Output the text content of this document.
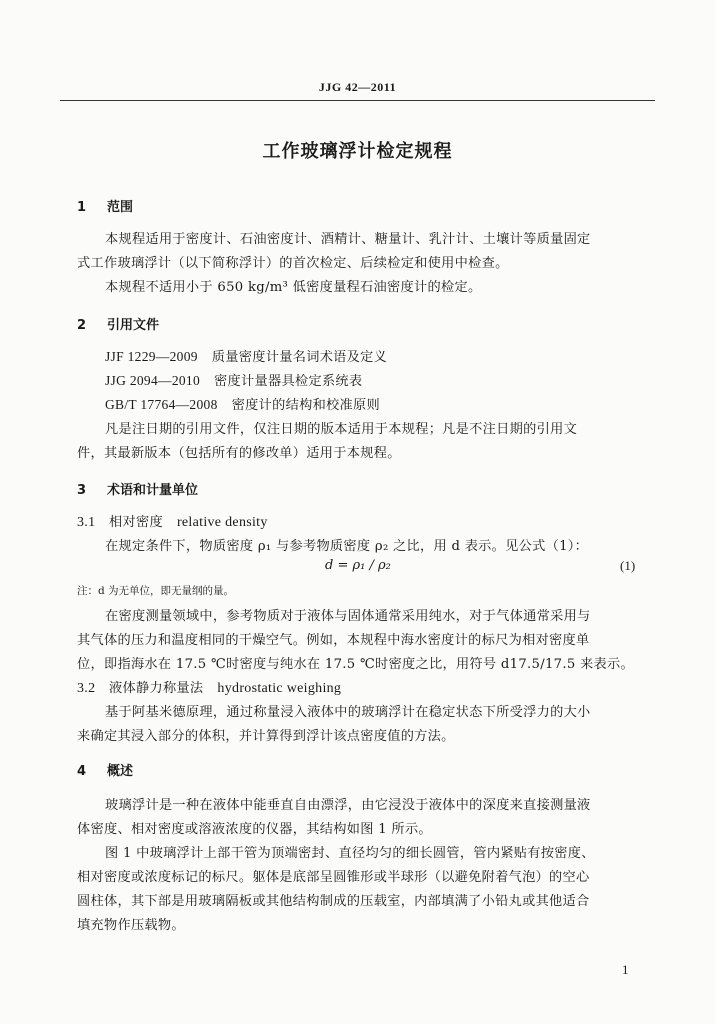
JJG 42—2011
工作玻璃浮计检定规程
1 范围
本规程适用于密度计、石油密度计、酒精计、糖量计、乳汁计、土壤计等质量固定
式工作玻璃浮计（以下简称浮计）的首次检定、后续检定和使用中检查。
本规程不适用小于 650 kg/m³ 低密度量程石油密度计的检定。
2 引用文件
JJF 1229—2009 质量密度计量名词术语及定义
JJG 2094—2010 密度计量器具检定系统表
GB/T 17764—2008 密度计的结构和校准原则
凡是注日期的引用文件，仅注日期的版本适用于本规程；凡是不注日期的引用文
件，其最新版本（包括所有的修改单）适用于本规程。
3 术语和计量单位
3.1 相对密度 relative density
在规定条件下，物质密度 ρ₁ 与参考物质密度 ρ₂ 之比，用 d 表示。见公式（1）：
d = ρ₁ / ρ₂	(1)
注：d 为无单位，即无量纲的量。
在密度测量领域中，参考物质对于液体与固体通常采用纯水，对于气体通常采用与
其气体的压力和温度相同的干燥空气。例如，本规程中海水密度计的标尺为相对密度单
位，即指海水在 17.5 ℃时密度与纯水在 17.5 ℃时密度之比，用符号 d17.5/17.5 来表示。
3.2 液体静力称量法 hydrostatic weighing
基于阿基米德原理，通过称量浸入液体中的玻璃浮计在稳定状态下所受浮力的大小
来确定其浸入部分的体积，并计算得到浮计该点密度值的方法。
4 概述
玻璃浮计是一种在液体中能垂直自由漂浮，由它浸没于液体中的深度来直接测量液
体密度、相对密度或溶液浓度的仪器，其结构如图 1 所示。
图 1 中玻璃浮计上部干管为顶端密封、直径均匀的细长圆管，管内紧贴有按密度、
相对密度或浓度标记的标尺。躯体是底部呈圆锥形或半球形（以避免附着气泡）的空心
圆柱体，其下部是用玻璃隔板或其他结构制成的压载室，内部填满了小铅丸或其他适合
填充物作压载物。
1
